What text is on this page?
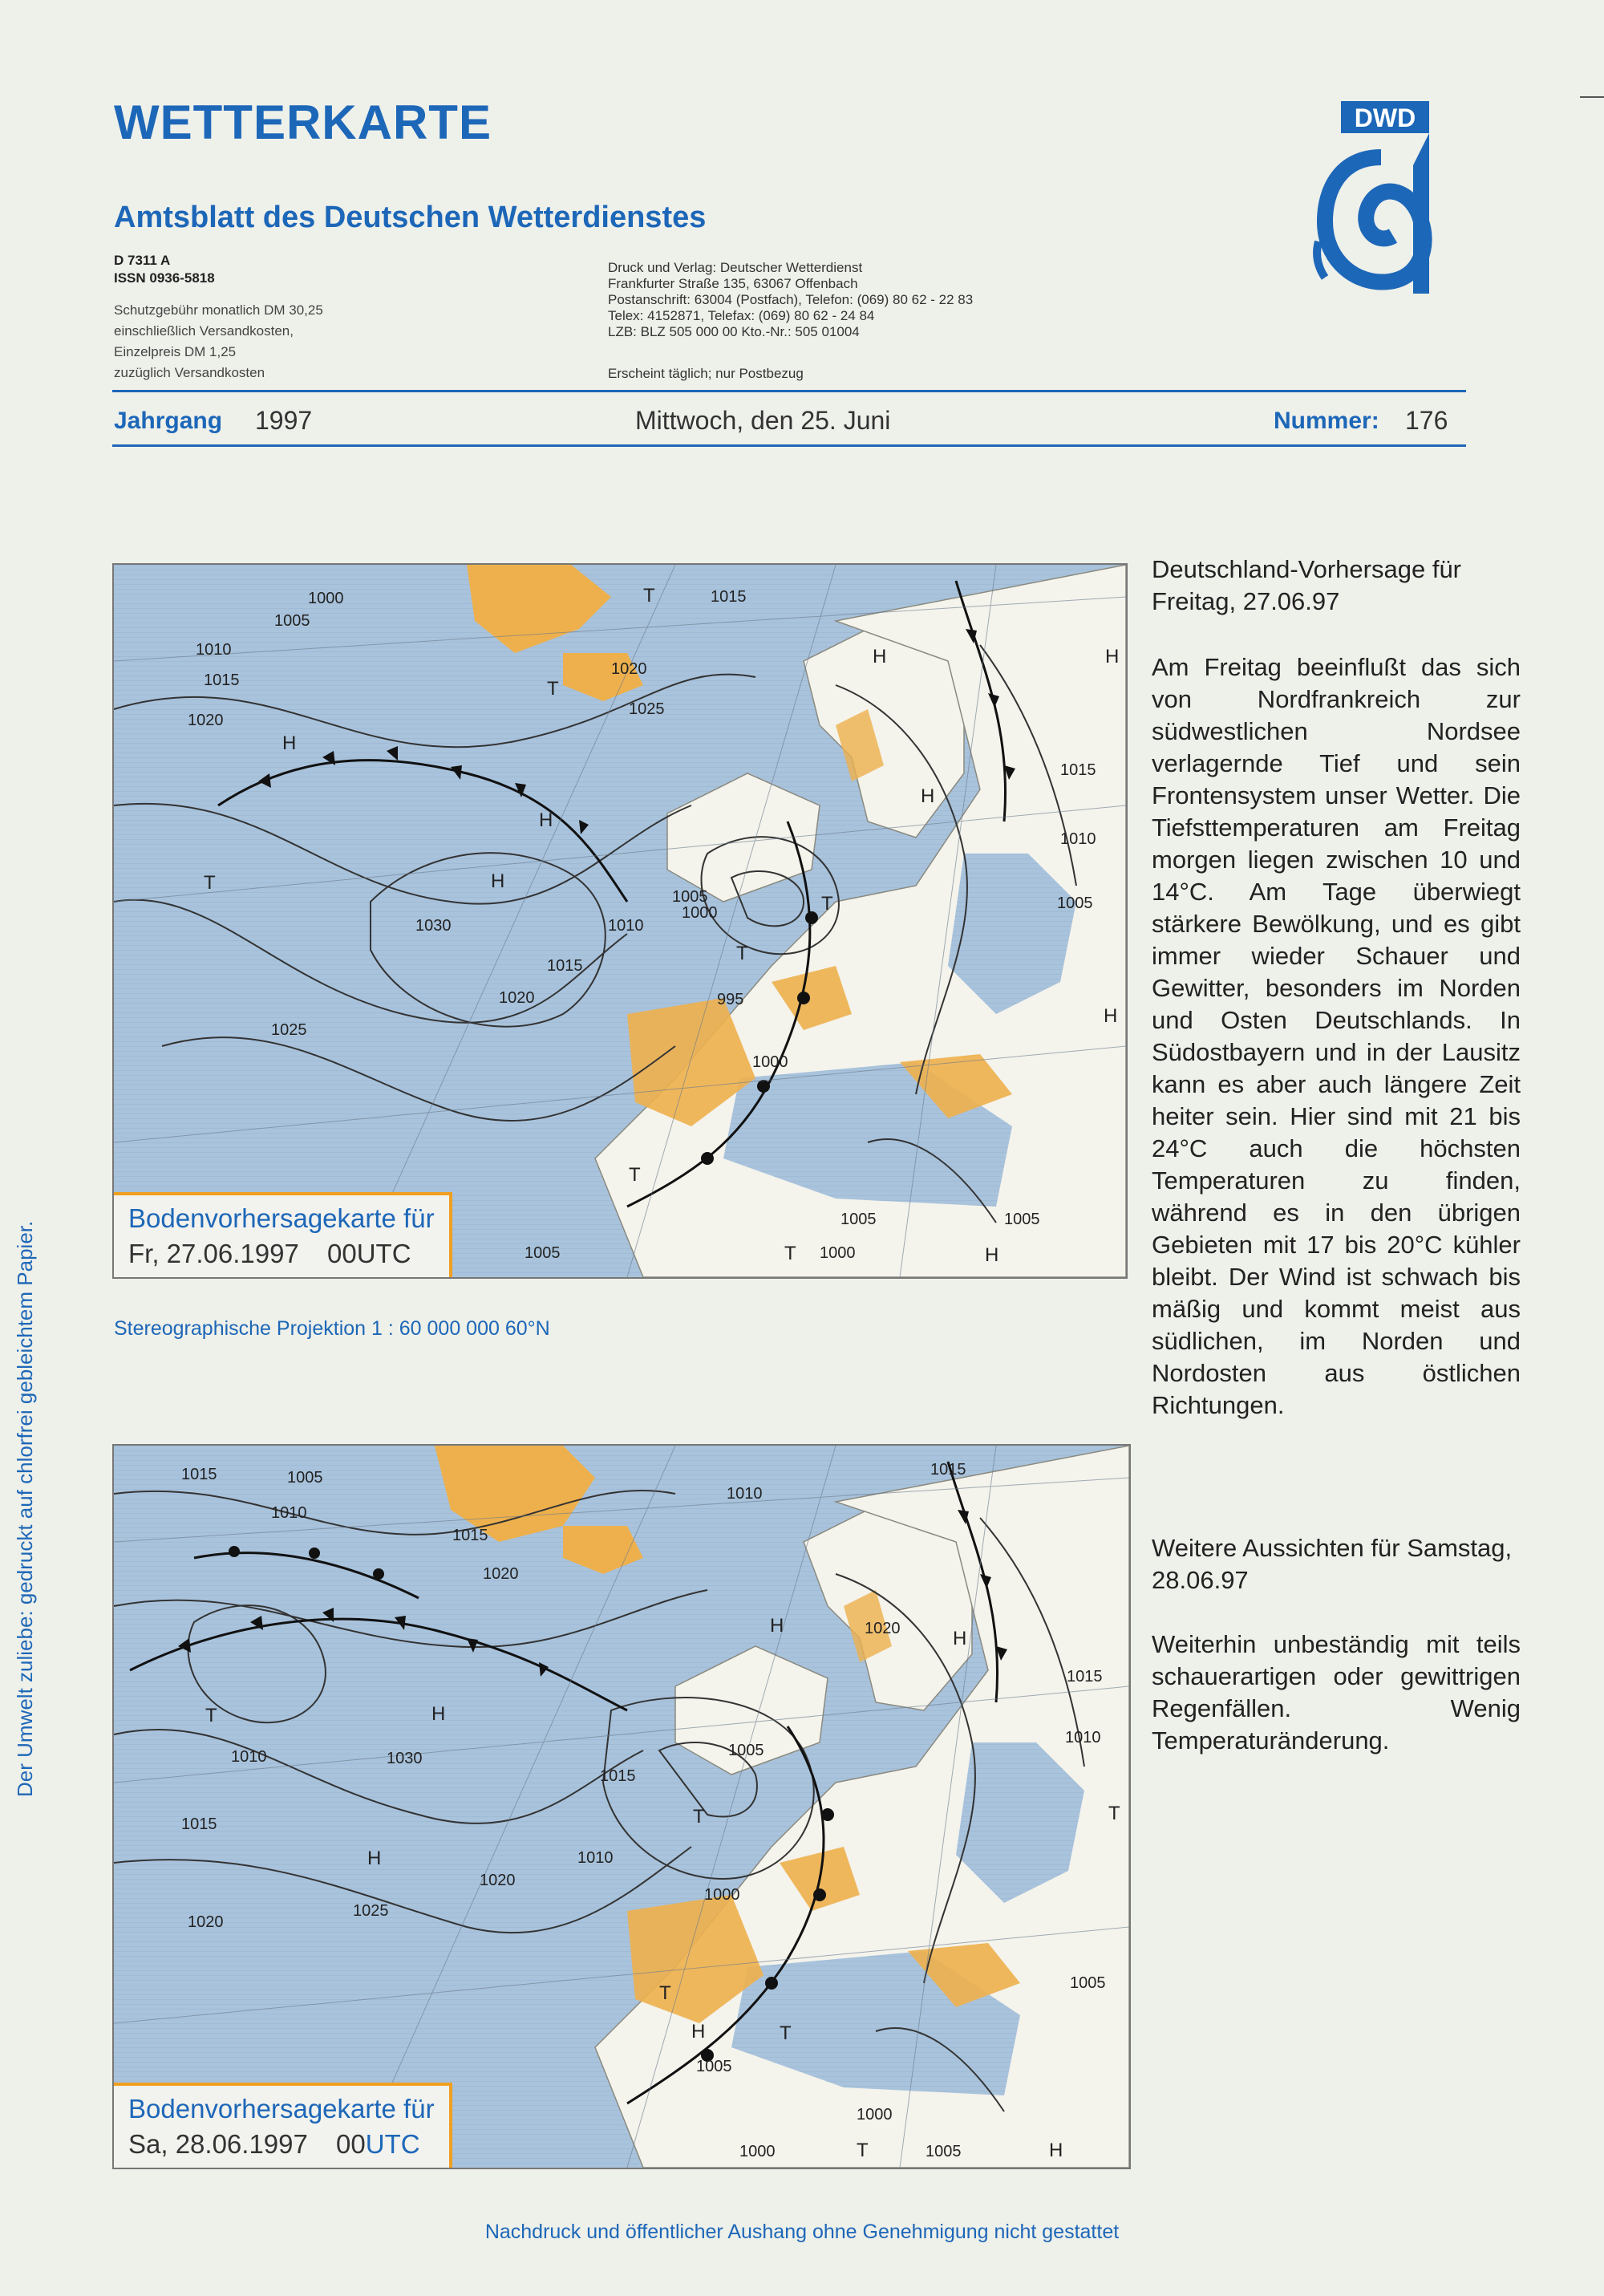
WETTERKARTE
Amtsblatt des Deutschen Wetterdienstes
DWD
D 7311 A
ISSN 0936-5818
Schutzgebühr monatlich DM 30,25
einschließlich Versandkosten,
Einzelpreis DM 1,25
zuzüglich Versandkosten
Druck und Verlag: Deutscher Wetterdienst
Frankfurter Straße 135, 63067 Offenbach
Postanschrift: 63004 (Postfach), Telefon: (069) 80 62 - 22 83
Telex: 4152871, Telefax: (069) 80 62 - 24 84
LZB: BLZ 505 000 00 Kto.-Nr.: 505 01004
Erscheint täglich; nur Postbezug
Jahrgang 1997	Mittwoch, den 25. Juni	Nummer: 176
1000
1005
1010
1015
1020
1015
1020
1025
1030
1020
1025
1015
1005
1000
995
1010
1000
1015
1010
1005
1005	1005
1000
1005
H
H
H
H
H
H
H
H
T
T
T
T
T
T
T
Bodenvorhersagekarte für
Fr, 27.06.1997 00UTC
Stereographische Projektion 1 : 60 000 000 60°N
1015	1005
1010
1015
1010
1015
1020
1030
1010
1015
1020
1025
1020
1010
1005
1015
1000
1020
1015
1010
1005
1005
1000
1000	1005
H
H
H
H
H
H
T
T	T
T
T
T
Bodenvorhersagekarte für
Sa, 28.06.1997 00UTC
Deutschland-Vorhersage für Freitag, 27.06.97
Am Freitag beeinflußt das sich von Nordfrankreich zur südwestlichen Nordsee verlagernde Tief und sein Frontensystem unser Wetter. Die Tiefsttemperaturen am Freitag morgen liegen zwischen 10 und 14°C. Am Tage überwiegt stärkere Bewölkung, und es gibt immer wieder Schauer und Gewitter, besonders im Norden und Osten Deutschlands. In Südostbayern und in der Lausitz kann es aber auch längere Zeit heiter sein. Hier sind mit 21 bis 24°C auch die höchsten Temperaturen zu finden, während es in den übrigen Gebieten mit 17 bis 20°C kühler bleibt. Der Wind ist schwach bis mäßig und kommt meist aus südlichen, im Norden und Nordosten aus östlichen Richtungen.
Weitere Aussichten für Samstag, 28.06.97
Weiterhin unbeständig mit teils schauerartigen oder gewittrigen Regenfällen. Wenig Temperaturänderung.
Der Umwelt zuliebe: gedruckt auf chlorfrei gebleichtem Papier.
Nachdruck und öffentlicher Aushang ohne Genehmigung nicht gestattet
